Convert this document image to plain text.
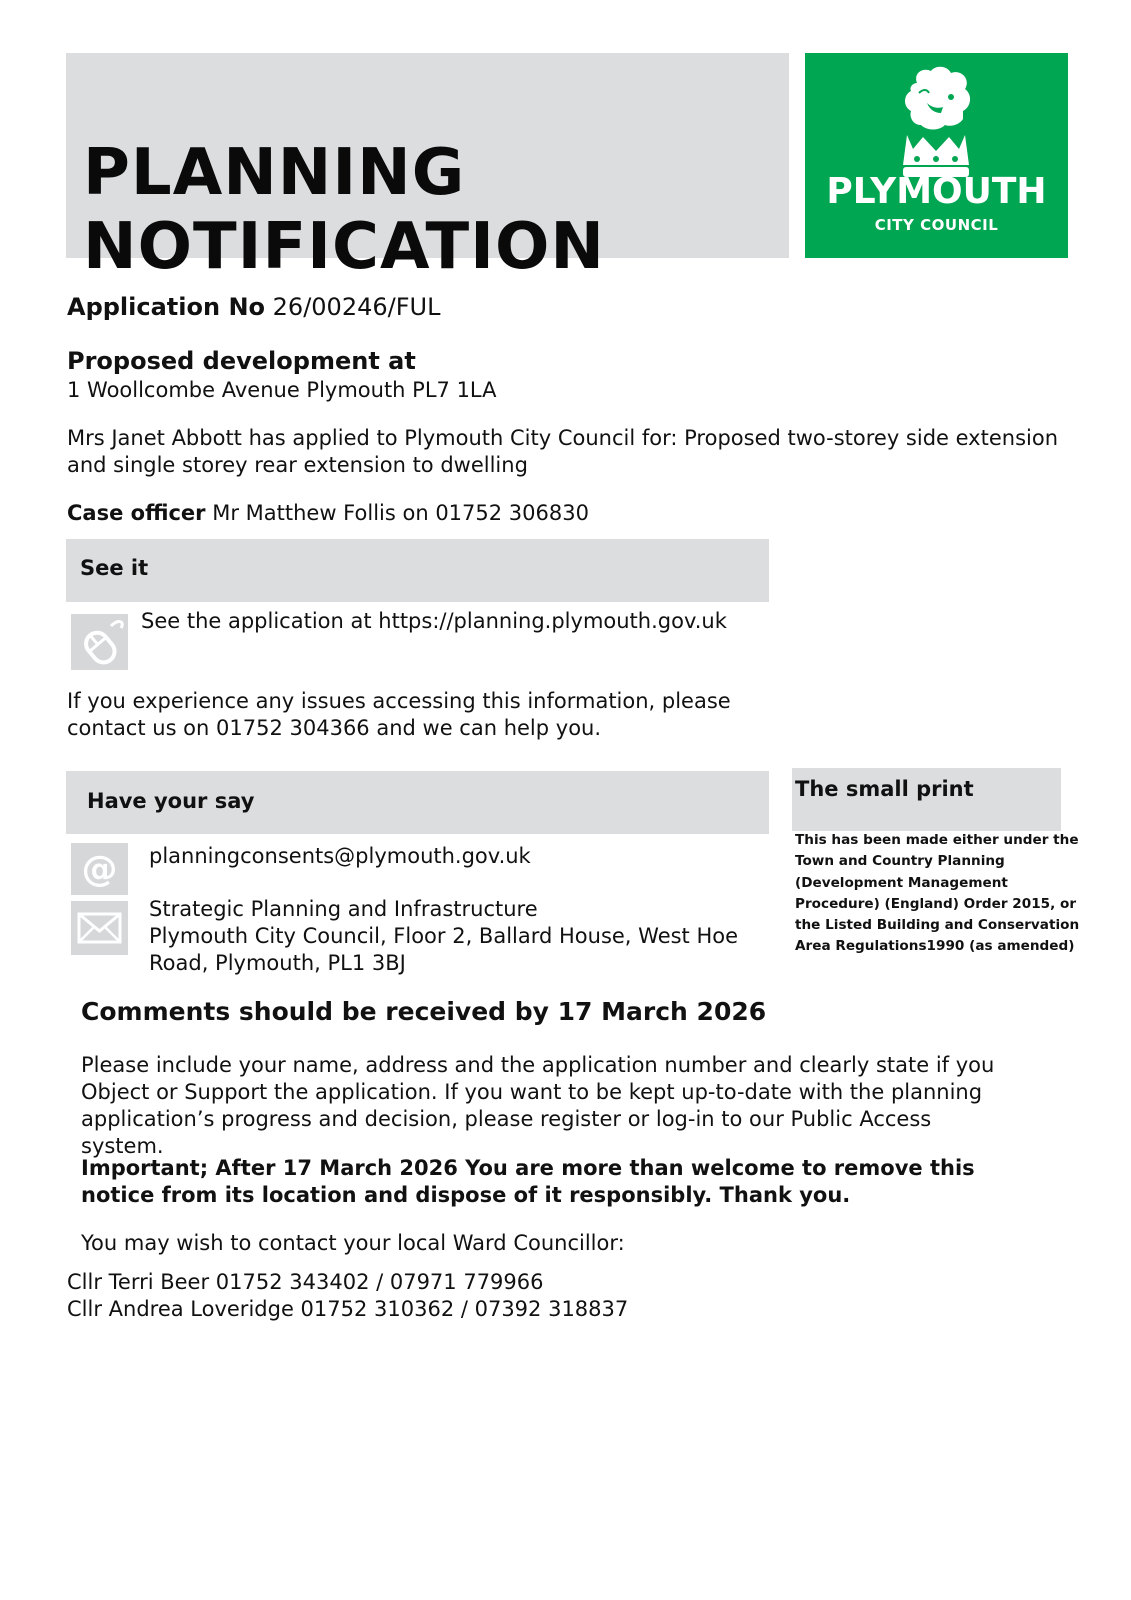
PLANNING
NOTIFICATION
PLYMOUTH
CITY COUNCIL
Application No 26/00246/FUL
Proposed development at
1 Woollcombe Avenue Plymouth PL7 1LA
Mrs Janet Abbott has applied to Plymouth City Council for: Proposed two-storey side extension and single storey rear extension to dwelling
Case officer Mr Matthew Follis on 01752 306830
See it
See the application at https://planning.plymouth.gov.uk
If you experience any issues accessing this information, please contact us on 01752 304366 and we can help you.
Have your say
@ planningconsents@plymouth.gov.uk
Strategic Planning and Infrastructure
Plymouth City Council, Floor 2, Ballard House, West Hoe Road, Plymouth, PL1 3BJ
The small print
This has been made either under the Town and Country Planning (Development Management Procedure) (England) Order 2015, or the Listed Building and Conservation Area Regulations1990 (as amended)
Comments should be received by 17 March 2026
Please include your name, address and the application number and clearly state if you Object or Support the application. If you want to be kept up-to-date with the planning application’s progress and decision, please register or log-in to our Public Access system.
Important; After 17 March 2026 You are more than welcome to remove this notice from its location and dispose of it responsibly. Thank you.
You may wish to contact your local Ward Councillor:
Cllr Terri Beer 01752 343402 / 07971 779966
Cllr Andrea Loveridge 01752 310362 / 07392 318837
